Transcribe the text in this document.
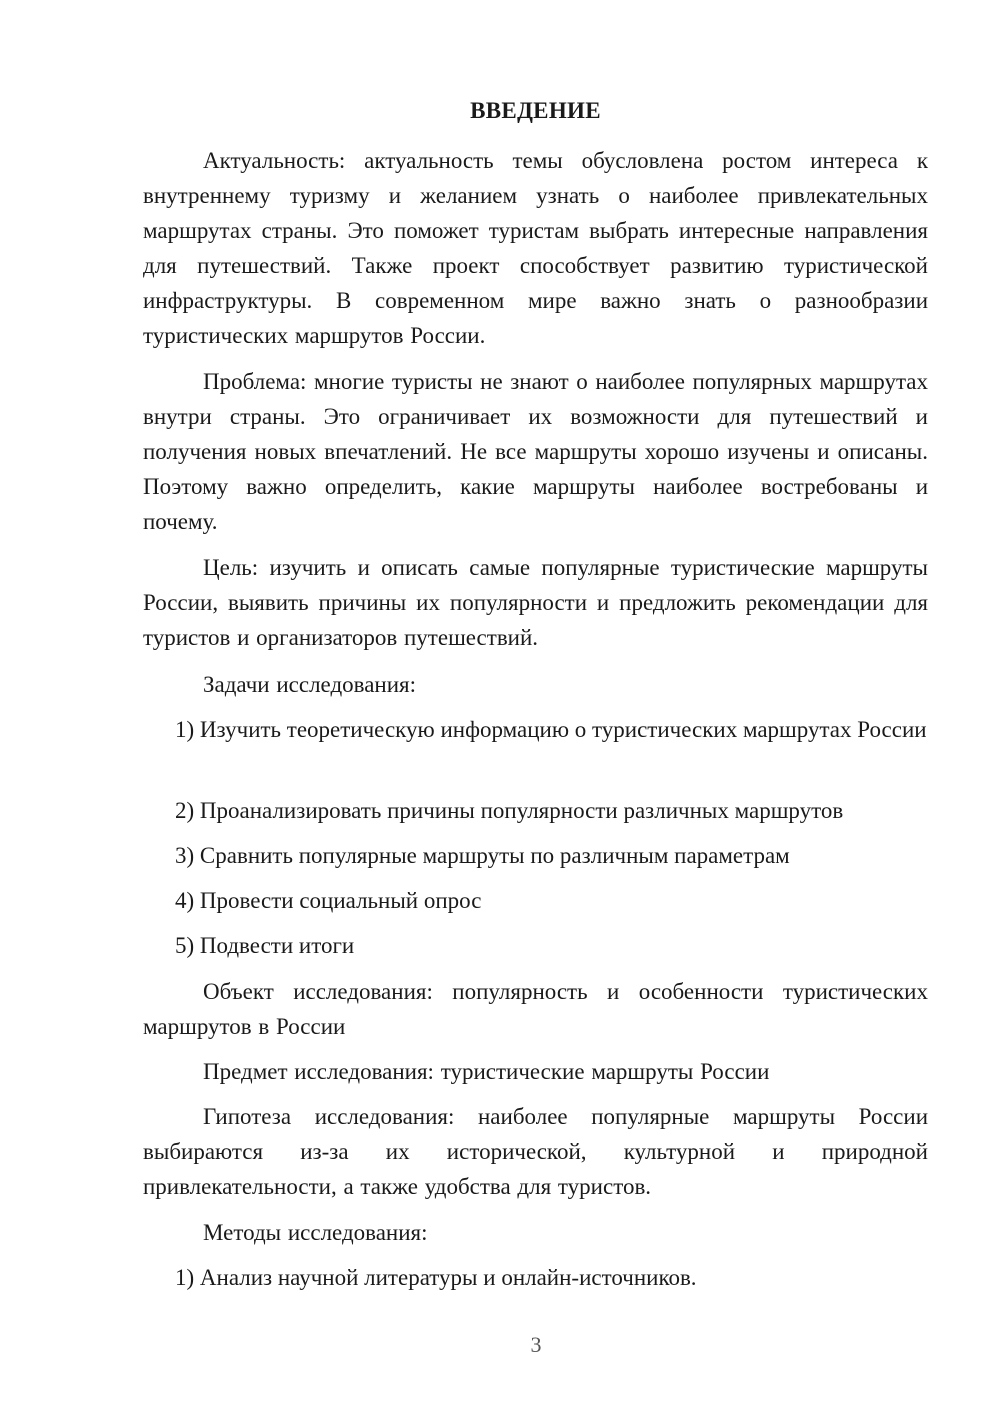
ВВЕДЕНИЕ

Актуальность: актуальность темы обусловлена ростом интереса к внутреннему туризму и желанием узнать о наиболее привлекательных маршрутах страны. Это поможет туристам выбрать интересные направления для путешествий. Также проект способствует развитию туристической инфраструктуры. В современном мире важно знать о разнообразии туристических маршрутов России.

Проблема: многие туристы не знают о наиболее популярных маршрутах внутри страны. Это ограничивает их возможности для путешествий и получения новых впечатлений. Не все маршруты хорошо изучены и описаны. Поэтому важно определить, какие маршруты наиболее востребованы и почему.

Цель: изучить и описать самые популярные туристические маршруты России, выявить причины их популярности и предложить рекомендации для туристов и организаторов путешествий.

Задачи исследования:

1) Изучить теоретическую информацию о туристических маршрутах России

2) Проанализировать причины популярности различных маршрутов

3) Сравнить популярные маршруты по различным параметрам

4) Провести социальный опрос

5) Подвести итоги

Объект исследования: популярность и особенности туристических маршрутов в России

Предмет исследования: туристические маршруты России

Гипотеза исследования: наиболее популярные маршруты России выбираются из-за их исторической, культурной и природной привлекательности, а также удобства для туристов.

Методы исследования:

1) Анализ научной литературы и онлайн-источников.

3
